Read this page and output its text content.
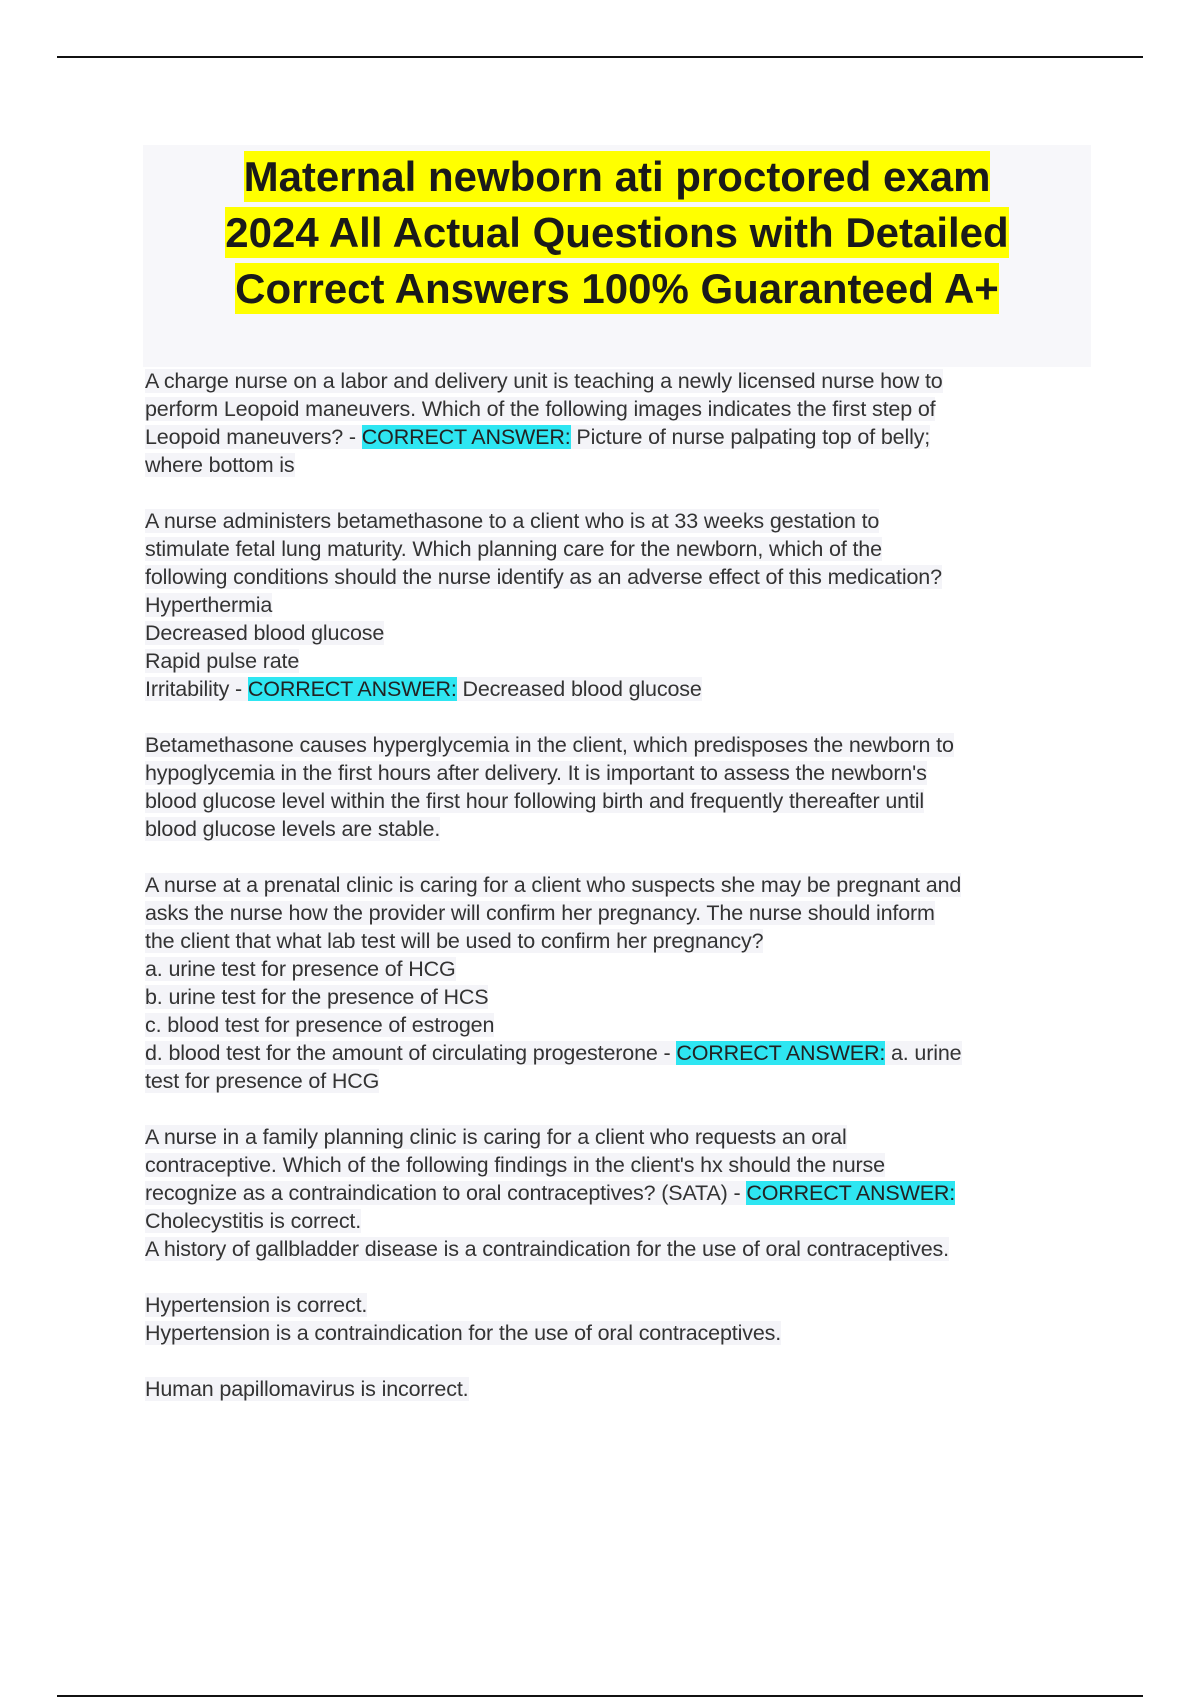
Maternal newborn ati proctored exam
2024 All Actual Questions with Detailed
Correct Answers 100% Guaranteed A+
A charge nurse on a labor and delivery unit is teaching a newly licensed nurse how to
perform Leopoid maneuvers. Which of the following images indicates the first step of
Leopoid maneuvers? - CORRECT ANSWER: Picture of nurse palpating top of belly;
where bottom is
A nurse administers betamethasone to a client who is at 33 weeks gestation to
stimulate fetal lung maturity. Which planning care for the newborn, which of the
following conditions should the nurse identify as an adverse effect of this medication?
Hyperthermia
Decreased blood glucose
Rapid pulse rate
Irritability - CORRECT ANSWER: Decreased blood glucose
Betamethasone causes hyperglycemia in the client, which predisposes the newborn to
hypoglycemia in the first hours after delivery. It is important to assess the newborn's
blood glucose level within the first hour following birth and frequently thereafter until
blood glucose levels are stable.
A nurse at a prenatal clinic is caring for a client who suspects she may be pregnant and
asks the nurse how the provider will confirm her pregnancy. The nurse should inform
the client that what lab test will be used to confirm her pregnancy?
a. urine test for presence of HCG
b. urine test for the presence of HCS
c. blood test for presence of estrogen
d. blood test for the amount of circulating progesterone - CORRECT ANSWER: a. urine
test for presence of HCG
A nurse in a family planning clinic is caring for a client who requests an oral
contraceptive. Which of the following findings in the client's hx should the nurse
recognize as a contraindication to oral contraceptives? (SATA) - CORRECT ANSWER:
Cholecystitis is correct.
A history of gallbladder disease is a contraindication for the use of oral contraceptives.
Hypertension is correct.
Hypertension is a contraindication for the use of oral contraceptives.
Human papillomavirus is incorrect.
